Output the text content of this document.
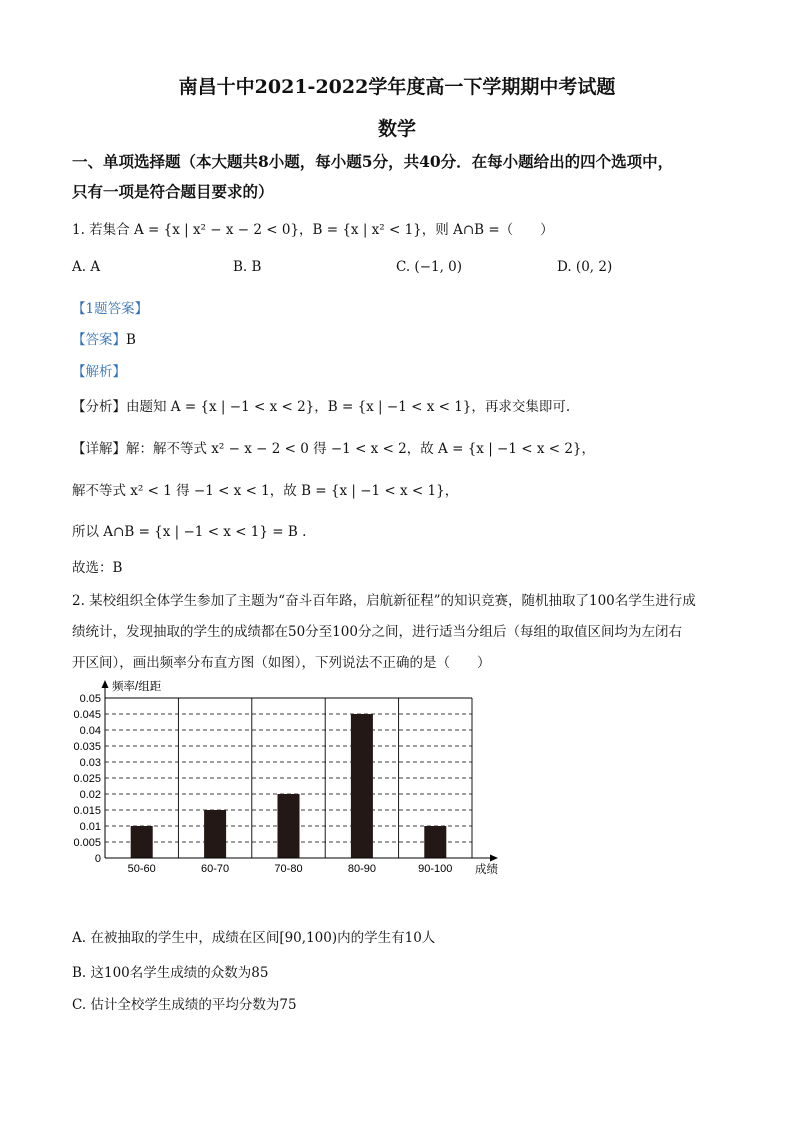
南昌十中2021-2022学年度高一下学期期中考试题
数学
一、单项选择题（本大题共8小题，每小题5分，共40分．在每小题给出的四个选项中，
只有一项是符合题目要求的）
1. 若集合 A = {x | x² − x − 2 < 0}，B = {x | x² < 1}，则 A∩B =（　　）
A. A	B. B	C. (−1, 0)	D. (0, 2)
【1题答案】
【答案】B
【解析】
【分析】由题知 A = {x | −1 < x < 2}，B = {x | −1 < x < 1}，再求交集即可.
【详解】解：解不等式 x² − x − 2 < 0 得 −1 < x < 2，故 A = {x | −1 < x < 2}，
解不等式 x² < 1 得 −1 < x < 1，故 B = {x | −1 < x < 1}，
所以 A∩B = {x | −1 < x < 1} = B .
故选：B
2. 某校组织全体学生参加了主题为“奋斗百年路，启航新征程”的知识竞赛，随机抽取了100名学生进行成
绩统计，发现抽取的学生的成绩都在50分至100分之间，进行适当分组后（每组的取值区间均为左闭右
开区间），画出频率分布直方图（如图），下列说法不正确的是（　　）
0
0.005
0.01
0.015
0.02
0.025
0.03
0.035
0.04
0.045
0.05
50-60	60-70	70-80	80-90	90-100
频率/组距
成绩
A. 在被抽取的学生中，成绩在区间[90,100)内的学生有10人
B. 这100名学生成绩的众数为85
C. 估计全校学生成绩的平均分数为75
